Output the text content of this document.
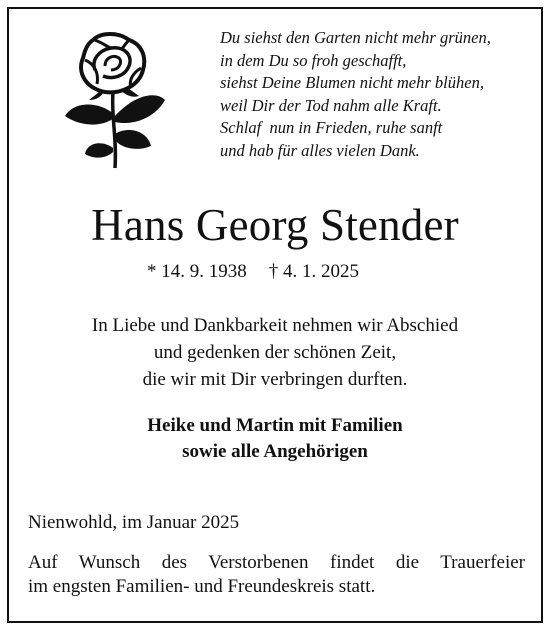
Du siehst den Garten nicht mehr grünen,
in dem Du so froh geschafft,
siehst Deine Blumen nicht mehr blühen,
weil Dir der Tod nahm alle Kraft.
Schlaf  nun in Frieden, ruhe sanft
und hab für alles vielen Dank.
Hans Georg Stender
* 14. 9. 1938 † 4. 1. 2025
In Liebe und Dankbarkeit nehmen wir Abschied
und gedenken der schönen Zeit,
die wir mit Dir verbringen durften.
Heike und Martin mit Familien
sowie alle Angehörigen
Nienwohld, im Januar 2025
Auf Wunsch des Verstorbenen findet die Trauerfeier
im engsten Familien- und Freundeskreis statt.
